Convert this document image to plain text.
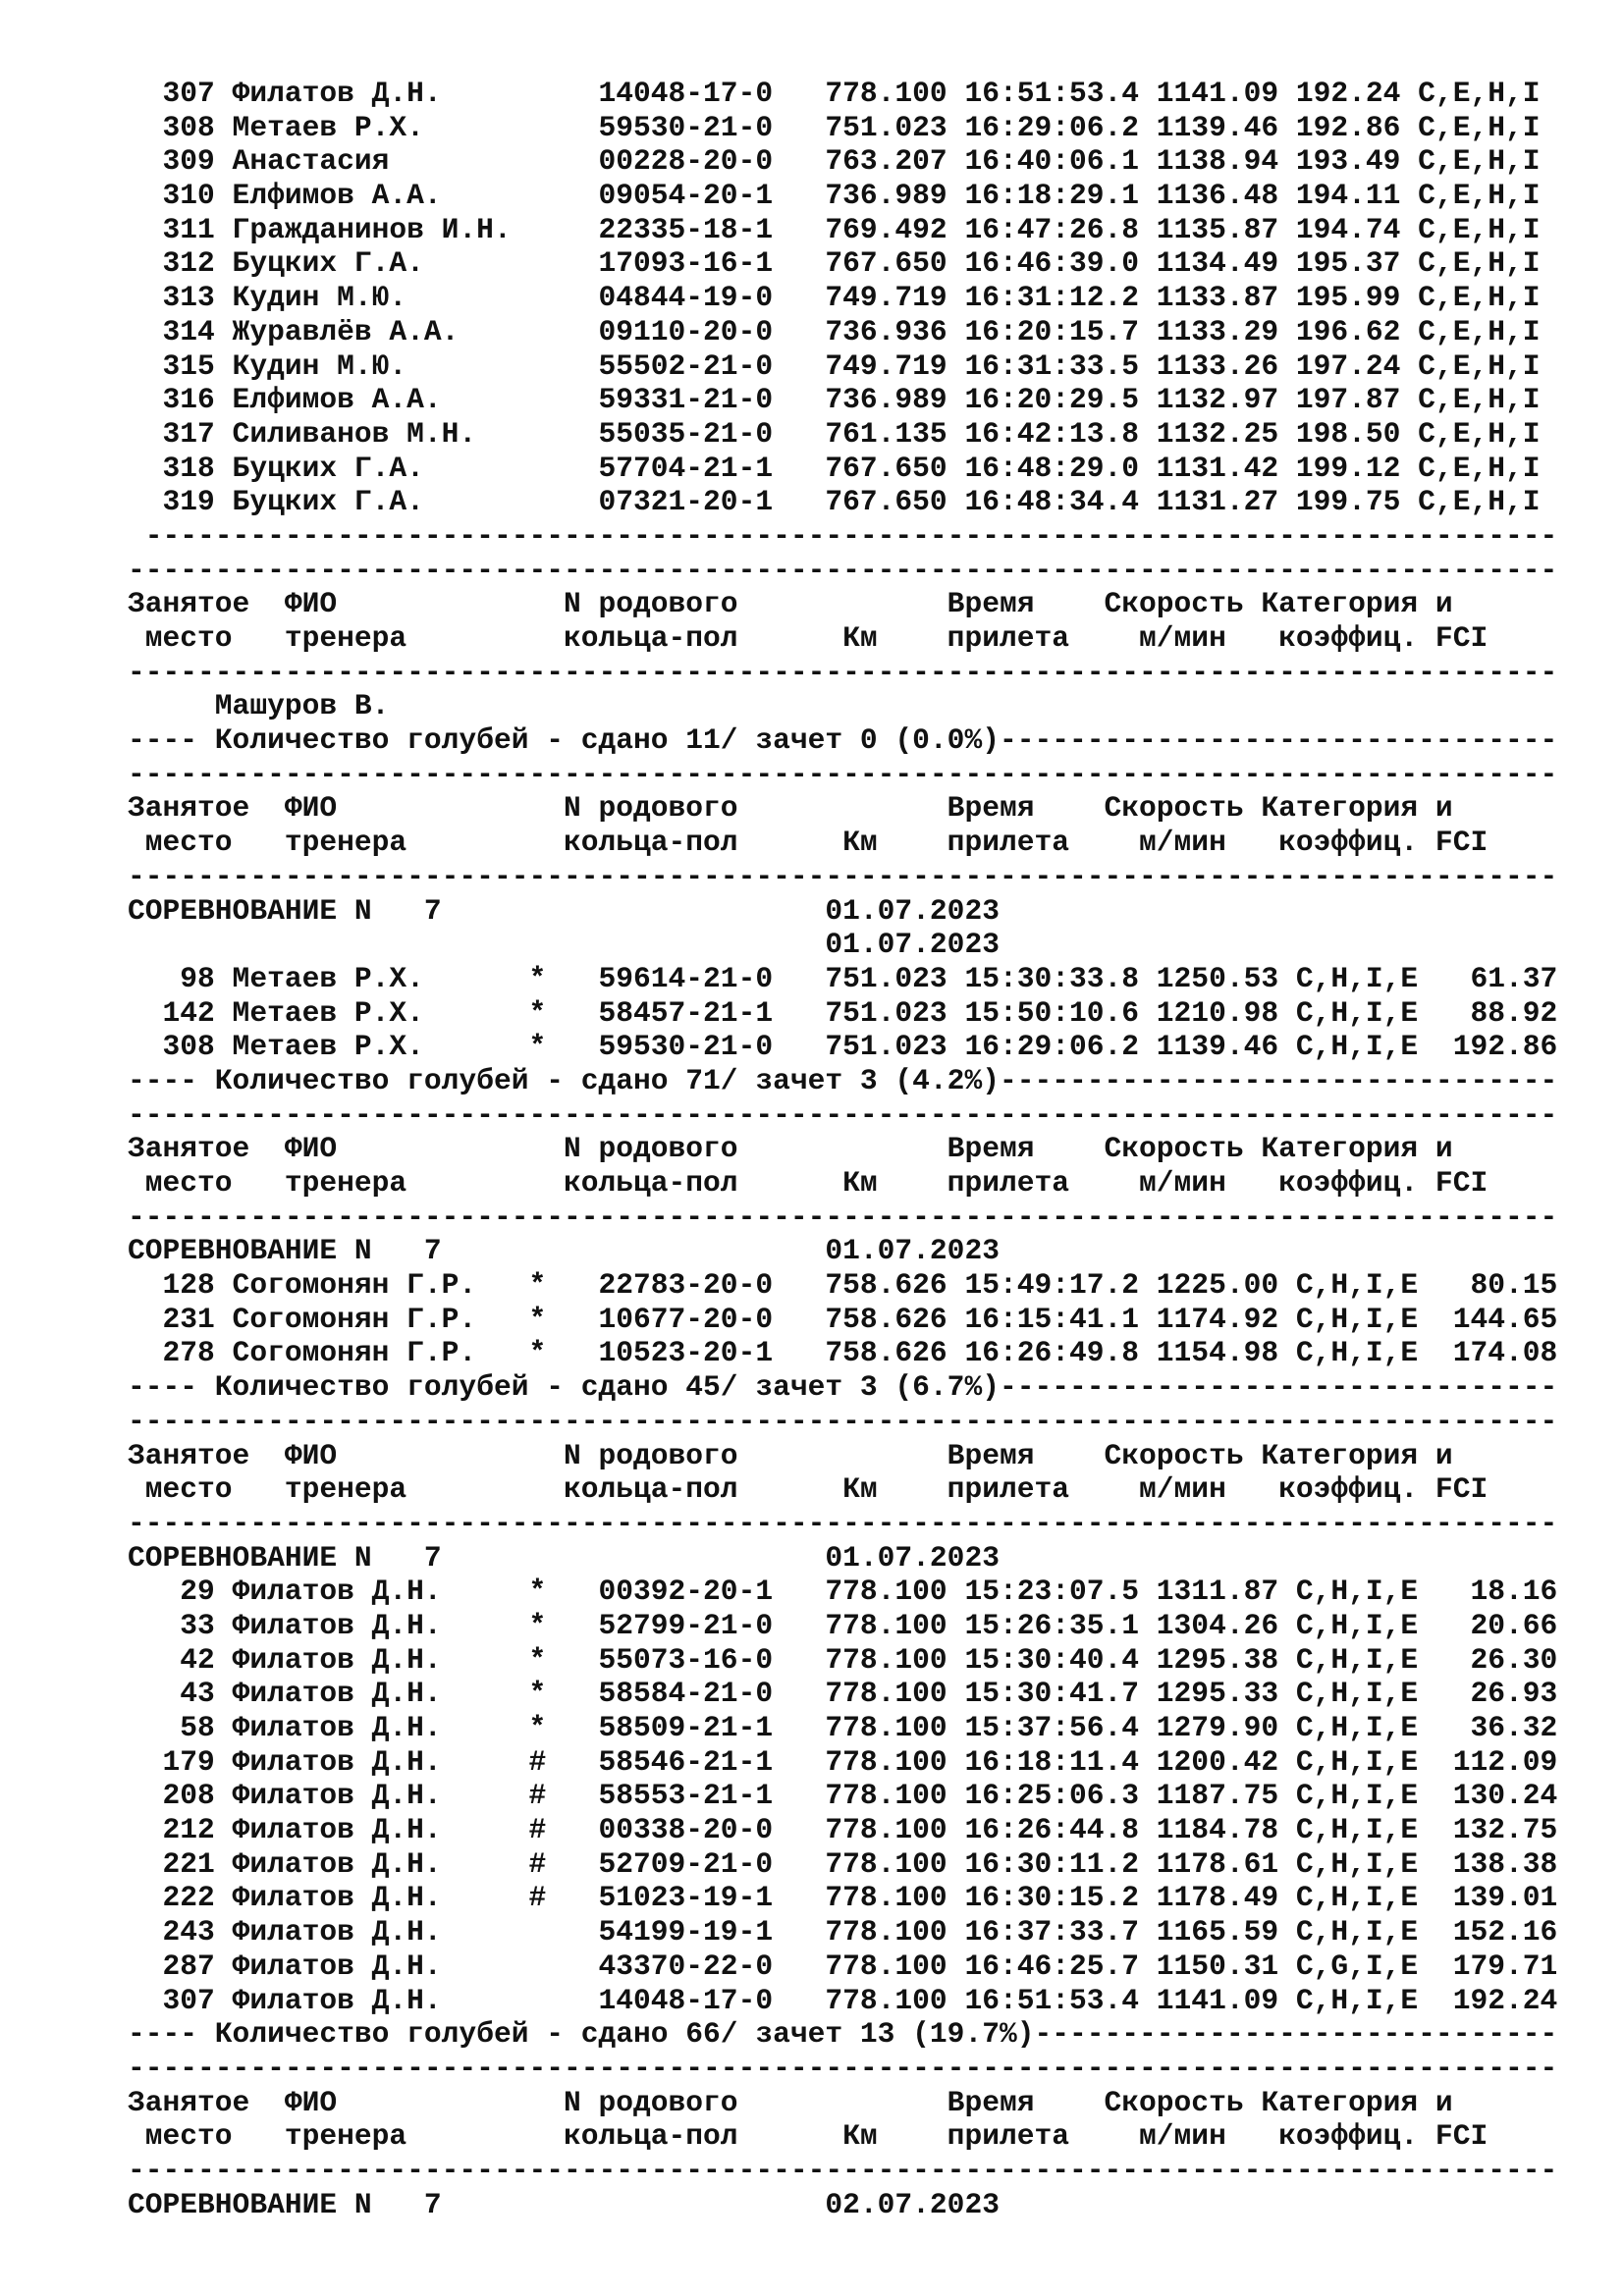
307 Филатов Д.Н.         14048-17-0   778.100 16:51:53.4 1141.09 192.24 C,E,H,I
308 Метаев Р.Х.          59530-21-0   751.023 16:29:06.2 1139.46 192.86 C,E,H,I
309 Анастасия            00228-20-0   763.207 16:40:06.1 1138.94 193.49 C,E,H,I
310 Елфимов А.А.         09054-20-1   736.989 16:18:29.1 1136.48 194.11 C,E,H,I
311 Гражданинов И.Н.     22335-18-1   769.492 16:47:26.8 1135.87 194.74 C,E,H,I
312 Буцких Г.А.          17093-16-1   767.650 16:46:39.0 1134.49 195.37 C,E,H,I
313 Кудин М.Ю.           04844-19-0   749.719 16:31:12.2 1133.87 195.99 C,E,H,I
314 Журавлёв А.А.        09110-20-0   736.936 16:20:15.7 1133.29 196.62 C,E,H,I
315 Кудин М.Ю.           55502-21-0   749.719 16:31:33.5 1133.26 197.24 C,E,H,I
316 Елфимов А.А.         59331-21-0   736.989 16:20:29.5 1132.97 197.87 C,E,H,I
317 Силиванов М.Н.       55035-21-0   761.135 16:42:13.8 1132.25 198.50 C,E,H,I
318 Буцких Г.А.          57704-21-1   767.650 16:48:29.0 1131.42 199.12 C,E,H,I
319 Буцких Г.А.          07321-20-1   767.650 16:48:34.4 1131.27 199.75 C,E,H,I
---------------------------------------------------------------------------------
----------------------------------------------------------------------------------
Занятое  ФИО             N родового            Время    Скорость Категория и
место   тренера         кольца-пол      Км    прилета    м/мин   коэффиц. FCI
----------------------------------------------------------------------------------
Машуров В.
---- Количество голубей - сдано 11/ зачет 0 (0.0%)--------------------------------
----------------------------------------------------------------------------------
Занятое  ФИО             N родового            Время    Скорость Категория и
место   тренера         кольца-пол      Км    прилета    м/мин   коэффиц. FCI
----------------------------------------------------------------------------------
СОРЕВНОВАНИЕ N   7                      01.07.2023
01.07.2023
98 Метаев Р.Х.      *   59614-21-0   751.023 15:30:33.8 1250.53 C,H,I,E   61.37
142 Метаев Р.Х.      *   58457-21-1   751.023 15:50:10.6 1210.98 C,H,I,E   88.92
308 Метаев Р.Х.      *   59530-21-0   751.023 16:29:06.2 1139.46 C,H,I,E  192.86
---- Количество голубей - сдано 71/ зачет 3 (4.2%)--------------------------------
----------------------------------------------------------------------------------
Занятое  ФИО             N родового            Время    Скорость Категория и
место   тренера         кольца-пол      Км    прилета    м/мин   коэффиц. FCI
----------------------------------------------------------------------------------
СОРЕВНОВАНИЕ N   7                      01.07.2023
128 Согомонян Г.Р.   *   22783-20-0   758.626 15:49:17.2 1225.00 C,H,I,E   80.15
231 Согомонян Г.Р.   *   10677-20-0   758.626 16:15:41.1 1174.92 C,H,I,E  144.65
278 Согомонян Г.Р.   *   10523-20-1   758.626 16:26:49.8 1154.98 C,H,I,E  174.08
---- Количество голубей - сдано 45/ зачет 3 (6.7%)--------------------------------
----------------------------------------------------------------------------------
Занятое  ФИО             N родового            Время    Скорость Категория и
место   тренера         кольца-пол      Км    прилета    м/мин   коэффиц. FCI
----------------------------------------------------------------------------------
СОРЕВНОВАНИЕ N   7                      01.07.2023
29 Филатов Д.Н.     *   00392-20-1   778.100 15:23:07.5 1311.87 C,H,I,E   18.16
33 Филатов Д.Н.     *   52799-21-0   778.100 15:26:35.1 1304.26 C,H,I,E   20.66
42 Филатов Д.Н.     *   55073-16-0   778.100 15:30:40.4 1295.38 C,H,I,E   26.30
43 Филатов Д.Н.     *   58584-21-0   778.100 15:30:41.7 1295.33 C,H,I,E   26.93
58 Филатов Д.Н.     *   58509-21-1   778.100 15:37:56.4 1279.90 C,H,I,E   36.32
179 Филатов Д.Н.     #   58546-21-1   778.100 16:18:11.4 1200.42 C,H,I,E  112.09
208 Филатов Д.Н.     #   58553-21-1   778.100 16:25:06.3 1187.75 C,H,I,E  130.24
212 Филатов Д.Н.     #   00338-20-0   778.100 16:26:44.8 1184.78 C,H,I,E  132.75
221 Филатов Д.Н.     #   52709-21-0   778.100 16:30:11.2 1178.61 C,H,I,E  138.38
222 Филатов Д.Н.     #   51023-19-1   778.100 16:30:15.2 1178.49 C,H,I,E  139.01
243 Филатов Д.Н.         54199-19-1   778.100 16:37:33.7 1165.59 C,H,I,E  152.16
287 Филатов Д.Н.         43370-22-0   778.100 16:46:25.7 1150.31 C,G,I,E  179.71
307 Филатов Д.Н.         14048-17-0   778.100 16:51:53.4 1141.09 C,H,I,E  192.24
---- Количество голубей - сдано 66/ зачет 13 (19.7%)------------------------------
----------------------------------------------------------------------------------
Занятое  ФИО             N родового            Время    Скорость Категория и
место   тренера         кольца-пол      Км    прилета    м/мин   коэффиц. FCI
----------------------------------------------------------------------------------
СОРЕВНОВАНИЕ N   7                      02.07.2023
